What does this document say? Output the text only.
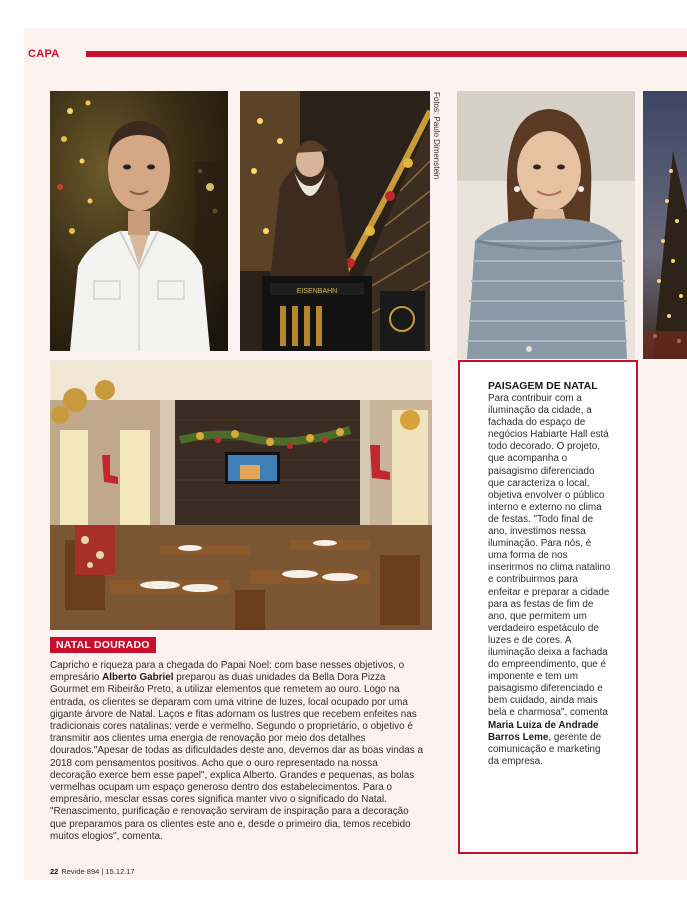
CAPA
EISENBAHN
Fotos: Paulo Dimenstein
NATAL DOURADO

Capricho e riqueza para a chegada do Papai Noel: com base nesses objetivos, o empresário Alberto Gabriel preparou as duas unidades da Bella Dora Pizza Gourmet em Ribeirão Preto, a utilizar elementos que remetem ao ouro. Logo na entrada, os clientes se deparam com uma vitrine de luzes, local ocupado por uma gigante árvore de Natal. Laços e fitas adornam os lustres que recebem enfeites nas tradicionais cores natalinas: verde e vermelho. Segundo o proprietário, o objetivo é transmitir aos clientes uma energia de renovação por meio dos detalhes dourados."Apesar de todas as dificuldades deste ano, devemos dar as boas vindas a 2018 com pensamentos positivos. Acho que o ouro representado na nossa decoração exerce bem esse papel", explica Alberto. Grandes e pequenas, as bolas vermelhas ocupam um espaço generoso dentro dos estabelecimentos. Para o empresário, mesclar essas cores significa manter vivo o significado do Natal. "Renascimento, purificação e renovação serviram de inspiração para a decoração que preparamos para os clientes este ano e, desde o primeiro dia, temos recebido muitos elogios", comenta.

PAISAGEM DE NATAL

Para contribuir com a iluminação da cidade, a fachada do espaço de negócios Habiarte Hall está todo decorado. O projeto, que acompanha o paisagismo diferenciado que caracteriza o local, objetiva envolver o público interno e externo no clima de festas. "Todo final de ano, investimos nessa iluminação. Para nós, é uma forma de nos inserirmos no clima natalino e contribuirmos para enfeitar e preparar a cidade para as festas de fim de ano, que permitem um verdadeiro espetáculo de luzes e de cores. A iluminação deixa a fachada do empreendimento, que é imponente e tem um paisagismo diferenciado e bem cuidado, ainda mais bela e charmosa", comenta Maria Luiza de Andrade Barros Leme, gerente de comunicação e marketing da empresa.

22 Revide 894 | 15.12.17
